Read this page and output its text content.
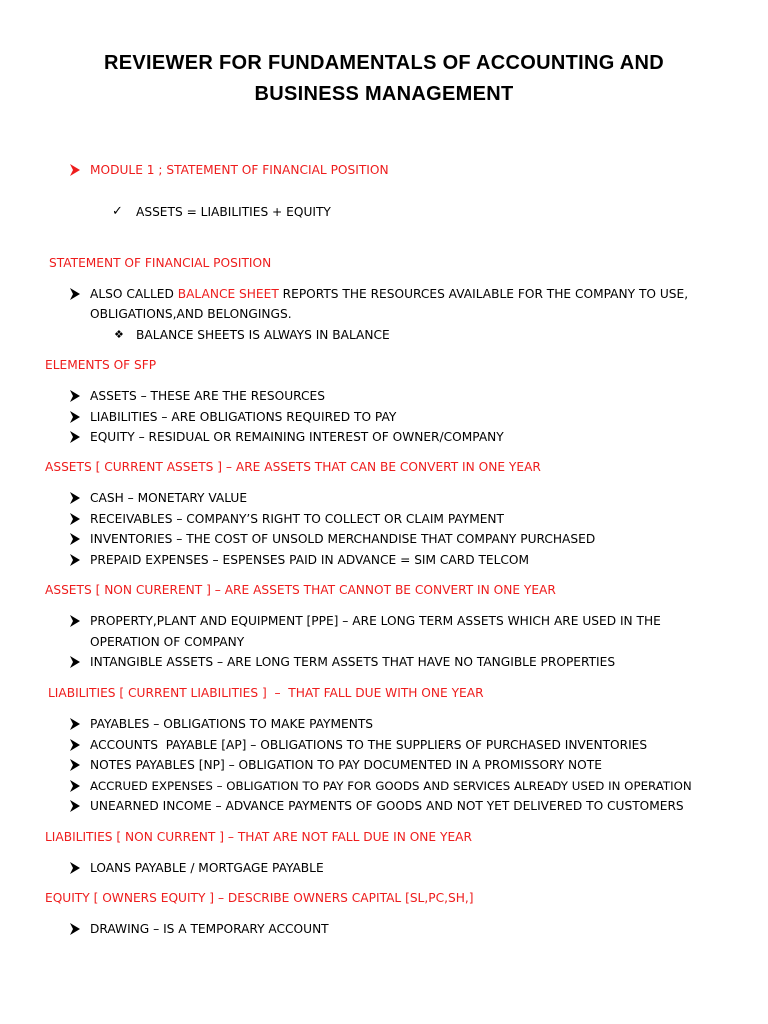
REVIEWER FOR FUNDAMENTALS OF ACCOUNTING AND
BUSINESS MANAGEMENT
MODULE 1 ; STATEMENT OF FINANCIAL POSITION
✓ ASSETS = LIABILITIES + EQUITY
STATEMENT OF FINANCIAL POSITION
ALSO CALLED BALANCE SHEET REPORTS THE RESOURCES AVAILABLE FOR THE COMPANY TO USE,
OBLIGATIONS,AND BELONGINGS.
❖ BALANCE SHEETS IS ALWAYS IN BALANCE
ELEMENTS OF SFP
ASSETS – THESE ARE THE RESOURCES
LIABILITIES – ARE OBLIGATIONS REQUIRED TO PAY
EQUITY – RESIDUAL OR REMAINING INTEREST OF OWNER/COMPANY
ASSETS [ CURRENT ASSETS ] – ARE ASSETS THAT CAN BE CONVERT IN ONE YEAR
CASH – MONETARY VALUE
RECEIVABLES – COMPANY’S RIGHT TO COLLECT OR CLAIM PAYMENT
INVENTORIES – THE COST OF UNSOLD MERCHANDISE THAT COMPANY PURCHASED
PREPAID EXPENSES – ESPENSES PAID IN ADVANCE = SIM CARD TELCOM
ASSETS [ NON CURERENT ] – ARE ASSETS THAT CANNOT BE CONVERT IN ONE YEAR
PROPERTY,PLANT AND EQUIPMENT [PPE] – ARE LONG TERM ASSETS WHICH ARE USED IN THE
OPERATION OF COMPANY
INTANGIBLE ASSETS – ARE LONG TERM ASSETS THAT HAVE NO TANGIBLE PROPERTIES
LIABILITIES [ CURRENT LIABILITIES ]  –  THAT FALL DUE WITH ONE YEAR
PAYABLES – OBLIGATIONS TO MAKE PAYMENTS
ACCOUNTS  PAYABLE [AP] – OBLIGATIONS TO THE SUPPLIERS OF PURCHASED INVENTORIES
NOTES PAYABLES [NP] – OBLIGATION TO PAY DOCUMENTED IN A PROMISSORY NOTE
ACCRUED EXPENSES – OBLIGATION TO PAY FOR GOODS AND SERVICES ALREADY USED IN OPERATION
UNEARNED INCOME – ADVANCE PAYMENTS OF GOODS AND NOT YET DELIVERED TO CUSTOMERS
LIABILITIES [ NON CURRENT ] – THAT ARE NOT FALL DUE IN ONE YEAR
LOANS PAYABLE / MORTGAGE PAYABLE
EQUITY [ OWNERS EQUITY ] – DESCRIBE OWNERS CAPITAL [SL,PC,SH,]
DRAWING – IS A TEMPORARY ACCOUNT
